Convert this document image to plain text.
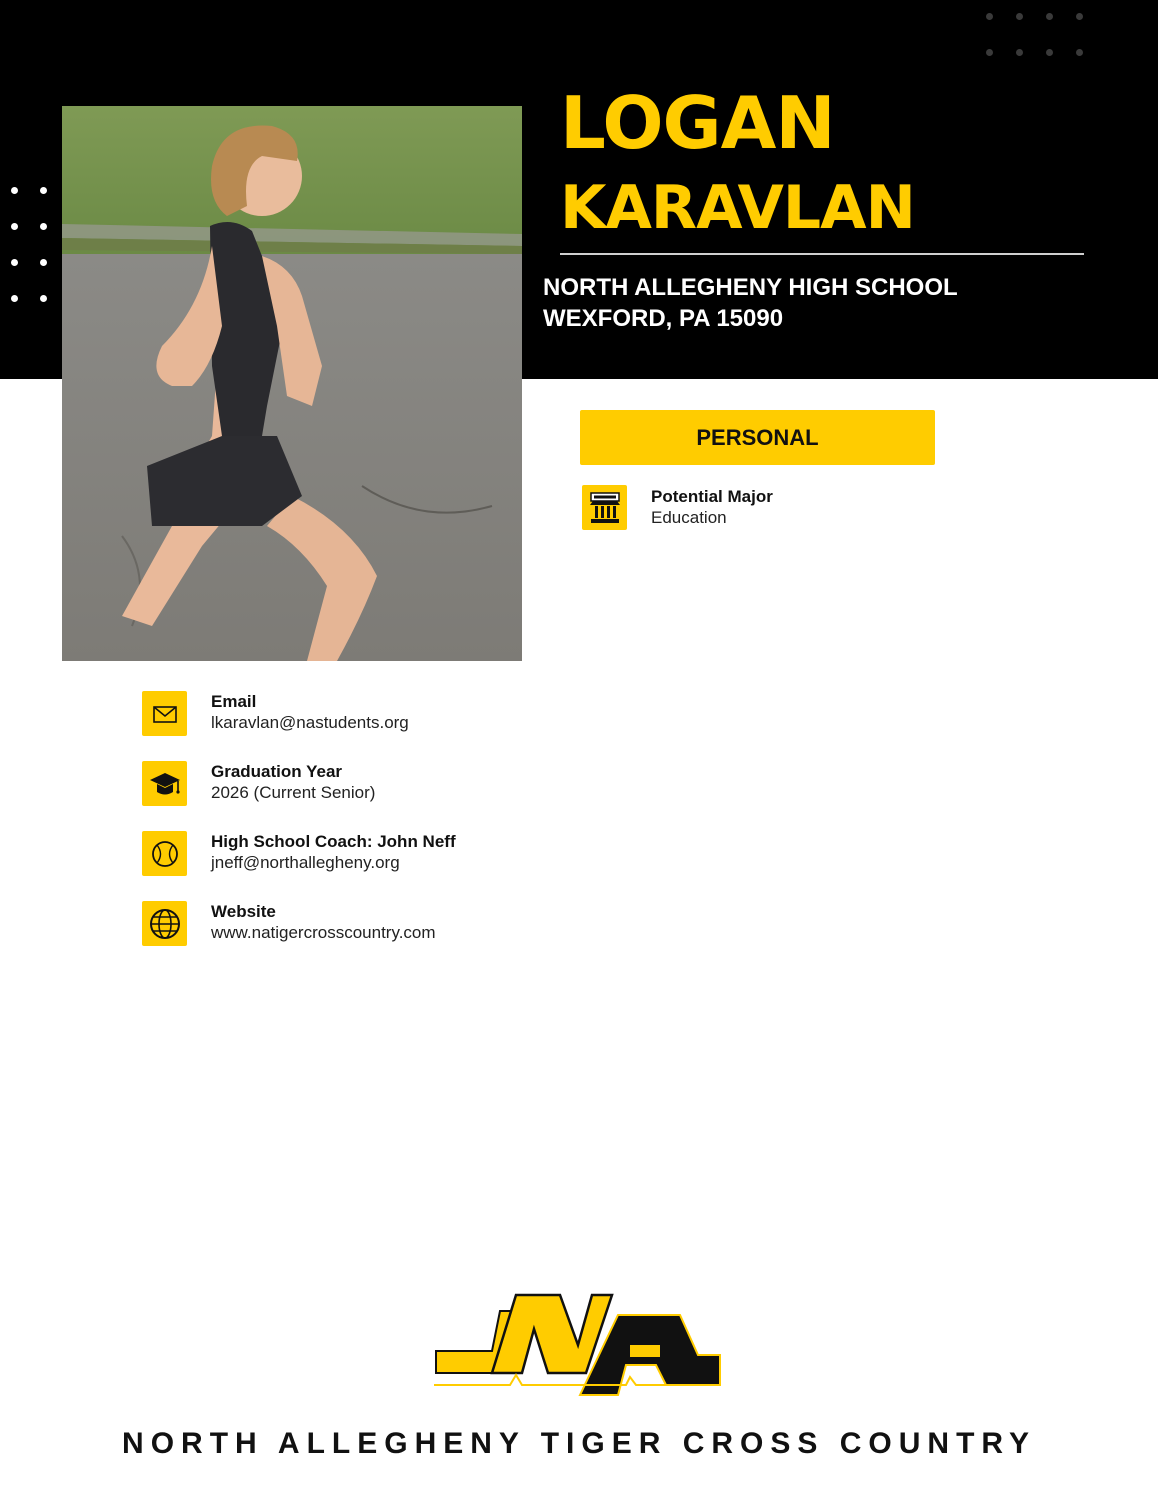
LOGAN
KARAVLAN
NORTH ALLEGHENY HIGH SCHOOL
WEXFORD, PA 15090
PERSONAL
Potential Major
Education
Email
lkaravlan@nastudents.org
Graduation Year
2026 (Current Senior)
High School Coach: John Neff
jneff@northallegheny.org
Website
www.natigercrosscountry.com
NORTH ALLEGHENY TIGER CROSS COUNTRY
